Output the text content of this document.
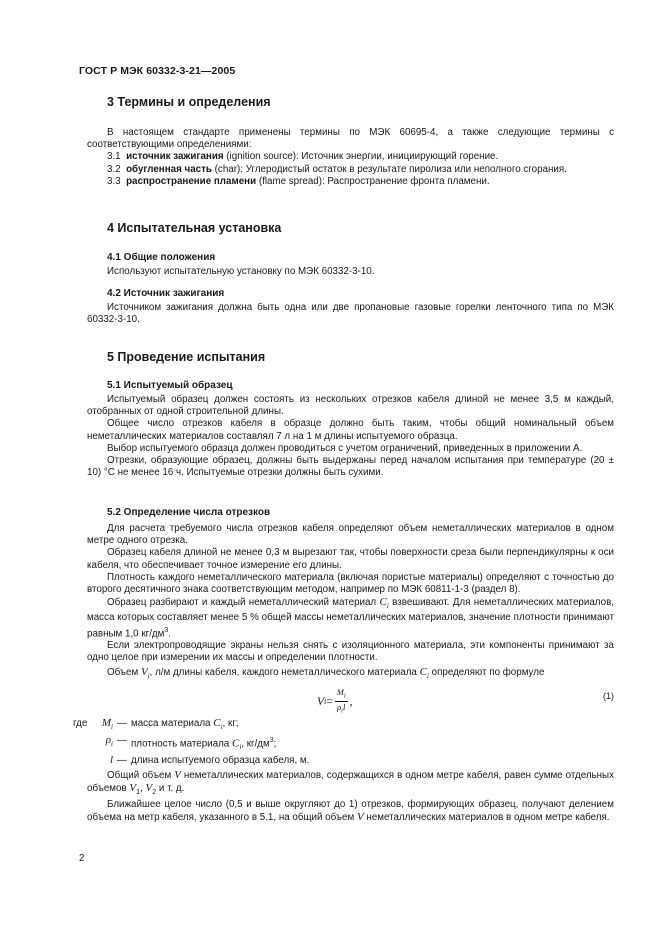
ГОСТ Р МЭК 60332-3-21—2005
3 Термины и определения

В настоящем стандарте применены термины по МЭК 60695-4, а также следующие термины с соответствующими определениями:

3.1 источник зажигания (ignition source): Источник энергии, инициирующий горение.

3.2 обугленная часть (char): Углеродистый остаток в результате пиролиза или неполного сгорания.

3.3 распространение пламени (flame spread): Распространение фронта пламени.

4 Испытательная установка
4.1 Общие положения

Используют испытательную установку по МЭК 60332-3-10.

4.2 Источник зажигания

Источником зажигания должна быть одна или две пропановые газовые горелки ленточного типа по МЭК 60332-3-10.

5 Проведение испытания
5.1 Испытуемый образец

Испытуемый образец должен состоять из нескольких отрезков кабеля длиной не менее 3,5 м каждый, отобранных от одной строительной длины.

Общее число отрезков кабеля в образце должно быть таким, чтобы общий номинальный объем неметаллических материалов составлял 7 л на 1 м длины испытуемого образца.

Выбор испытуемого образца должен проводиться с учетом ограничений, приведенных в приложении А.

Отрезки, образующие образец, должны быть выдержаны перед началом испытания при температуре (20 ± 10) °С не менее 16 ч. Испытуемые отрезки должны быть сухими.

5.2 Определение числа отрезков

Для расчета требуемого числа отрезков кабеля определяют объем неметаллических материалов в одном метре одного отрезка.

Образец кабеля длиной не менее 0,3 м вырезают так, чтобы поверхности среза были перпендикулярны к оси кабеля, что обеспечивает точное измерение его длины.

Плотность каждого неметаллического материала (включая пористые материалы) определяют с точностью до второго десятичного знака соответствующим методом, например по МЭК 60811-1-3 (раздел 8).

Образец разбирают и каждый неметаллический материал $C_i$ взвешивают. Для неметаллических материалов, масса которых составляет менее 5 % общей массы неметаллических материалов, значение плотности принимают равным 1,0 $кг/дм^3$.

Если электропроводящие экраны нельзя снять с изоляционного материала, эти компоненты принимают за одно целое при измерении их массы и определении плотности.

Объем $V_i$, л/м длины кабеля, каждого неметаллического материала $C_i$ определяют по формуле

V $i = \frac{M_i}{\rho_il}$ ,
(1)
где	$M_i$ — масса материала $C_i$, кг;
$\rho_i$ — плотность материала $C_i$, $кг/дм^3$;
l — длина испытуемого образца кабеля, м.

Общий объем V неметаллических материалов, содержащихся в одном метре кабеля, равен сумме отдельных объемов $V_1$, $V_2$ и т. д.

Ближайшее целое число (0,5 и выше округляют до 1) отрезков, формирующих образец, получают делением объема на метр кабеля, указанного в 5.1, на общий объем V неметаллических материалов в одном метре кабеля.

2
